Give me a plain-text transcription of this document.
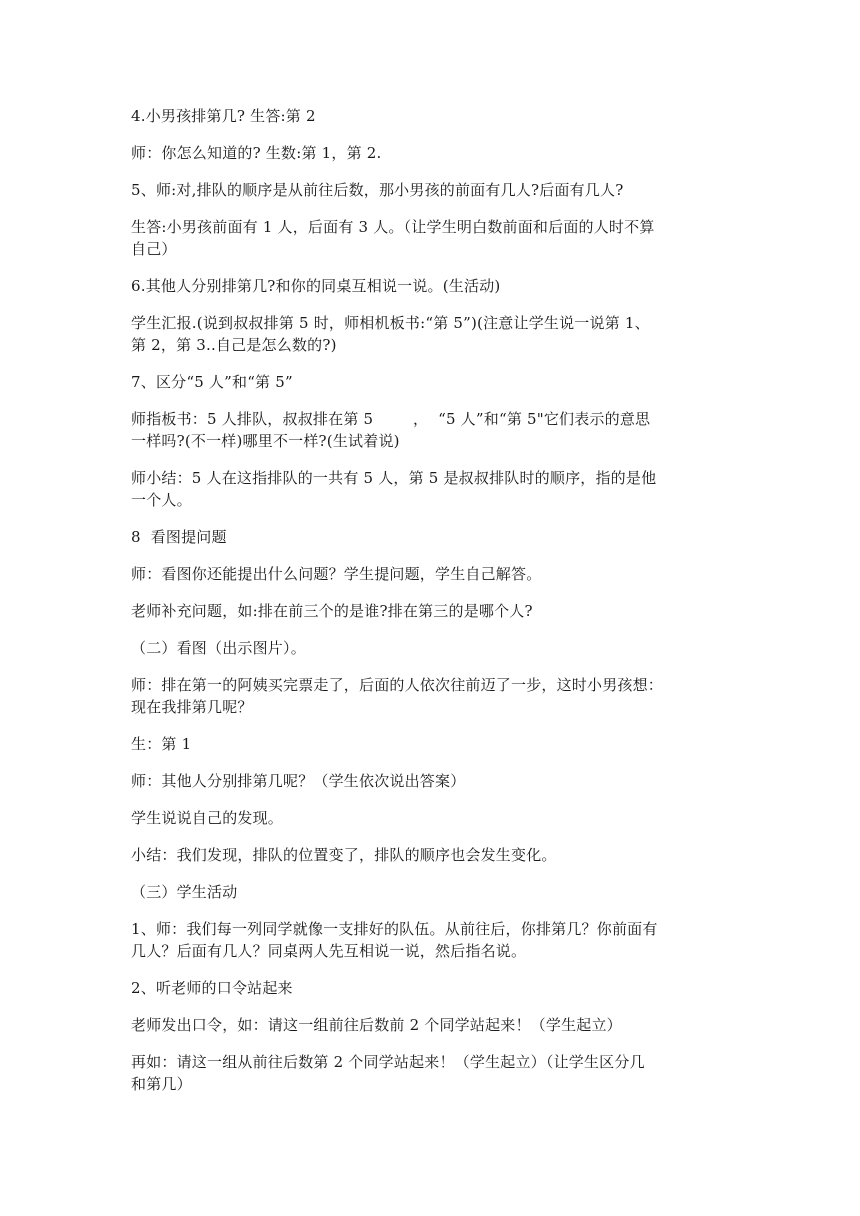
4.小男孩排第几? 生答:第 2
师：你怎么知道的? 生数:第 1，第 2.
5、师:对,排队的顺序是从前往后数，那小男孩的前面有几人?后面有几人?
生答:小男孩前面有 1 人，后面有 3 人。（让学生明白数前面和后面的人时不算
自己）
6.其他人分别排第几?和你的同桌互相说一说。(生活动)
学生汇报.(说到叔叔排第 5 时，师相机板书:“第 5”)(注意让学生说一说第 1、
第 2，第 3..自己是怎么数的?)
7、区分“5 人”和“第 5”
师指板书：5 人排队，叔叔排在第 5        ，  “5 人”和“第 5"它们表示的意思
一样吗?(不一样)哪里不一样?(生试着说)
师小结：5 人在这指排队的一共有 5 人，第 5 是叔叔排队时的顺序，指的是他
一个人。
8  看图提问题
师：看图你还能提出什么问题？学生提问题，学生自己解答。
老师补充问题，如:排在前三个的是谁?排在第三的是哪个人?
（二）看图（出示图片）。
师：排在第一的阿姨买完票走了，后面的人依次往前迈了一步，这时小男孩想：
现在我排第几呢？
生：第 1
师：其他人分别排第几呢？（学生依次说出答案）
学生说说自己的发现。
小结：我们发现，排队的位置变了，排队的顺序也会发生变化。
（三）学生活动
1、师：我们每一列同学就像一支排好的队伍。从前往后，你排第几？你前面有
几人？后面有几人？同桌两人先互相说一说，然后指名说。
2、听老师的口令站起来
老师发出口令，如：请这一组前往后数前 2 个同学站起来！（学生起立）
再如：请这一组从前往后数第 2 个同学站起来！（学生起立）（让学生区分几
和第几）
